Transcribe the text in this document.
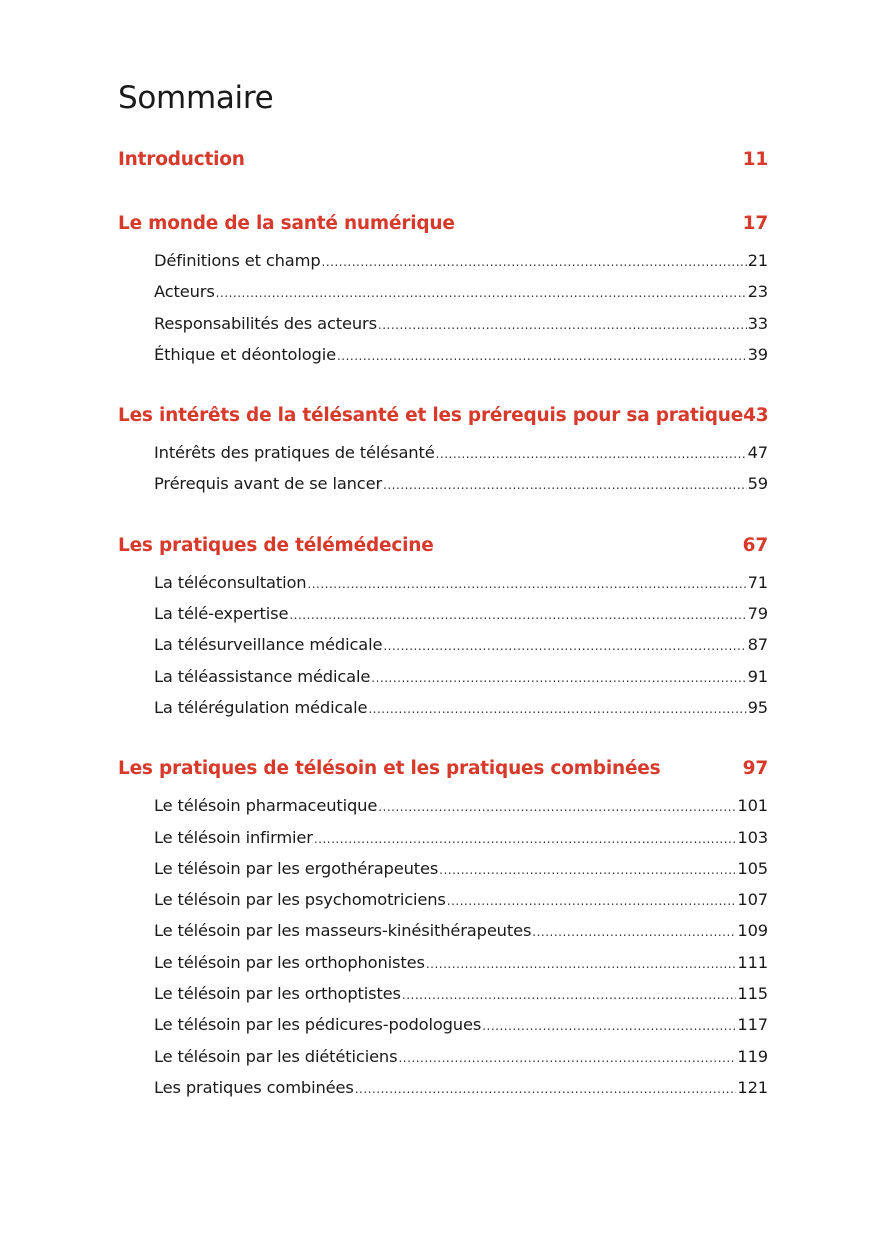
Sommaire
Introduction	11
Le monde de la santé numérique	17
Définitions et champ .....	21
Acteurs .....	23
Responsabilités des acteurs .....	33
Éthique et déontologie .....	39
Les intérêts de la télésanté et les prérequis pour sa pratique 43
Intérêts des pratiques de télésanté .....	47
Prérequis avant de se lancer .....	59
Les pratiques de télémédecine	67
La téléconsultation .....	71
La télé-expertise .....	79
La télésurveillance médicale .....	87
La téléassistance médicale .....	91
La télérégulation médicale .....	95
Les pratiques de télésoin et les pratiques combinées	97
Le télésoin pharmaceutique .....	101
Le télésoin infirmier .....	103
Le télésoin par les ergothérapeutes .....	105
Le télésoin par les psychomotriciens .....	107
Le télésoin par les masseurs-kinésithérapeutes .....	109
Le télésoin par les orthophonistes .....	111
Le télésoin par les orthoptistes .....	115
Le télésoin par les pédicures-podologues .....	117
Le télésoin par les diététiciens .....	119
Les pratiques combinées .....	121
